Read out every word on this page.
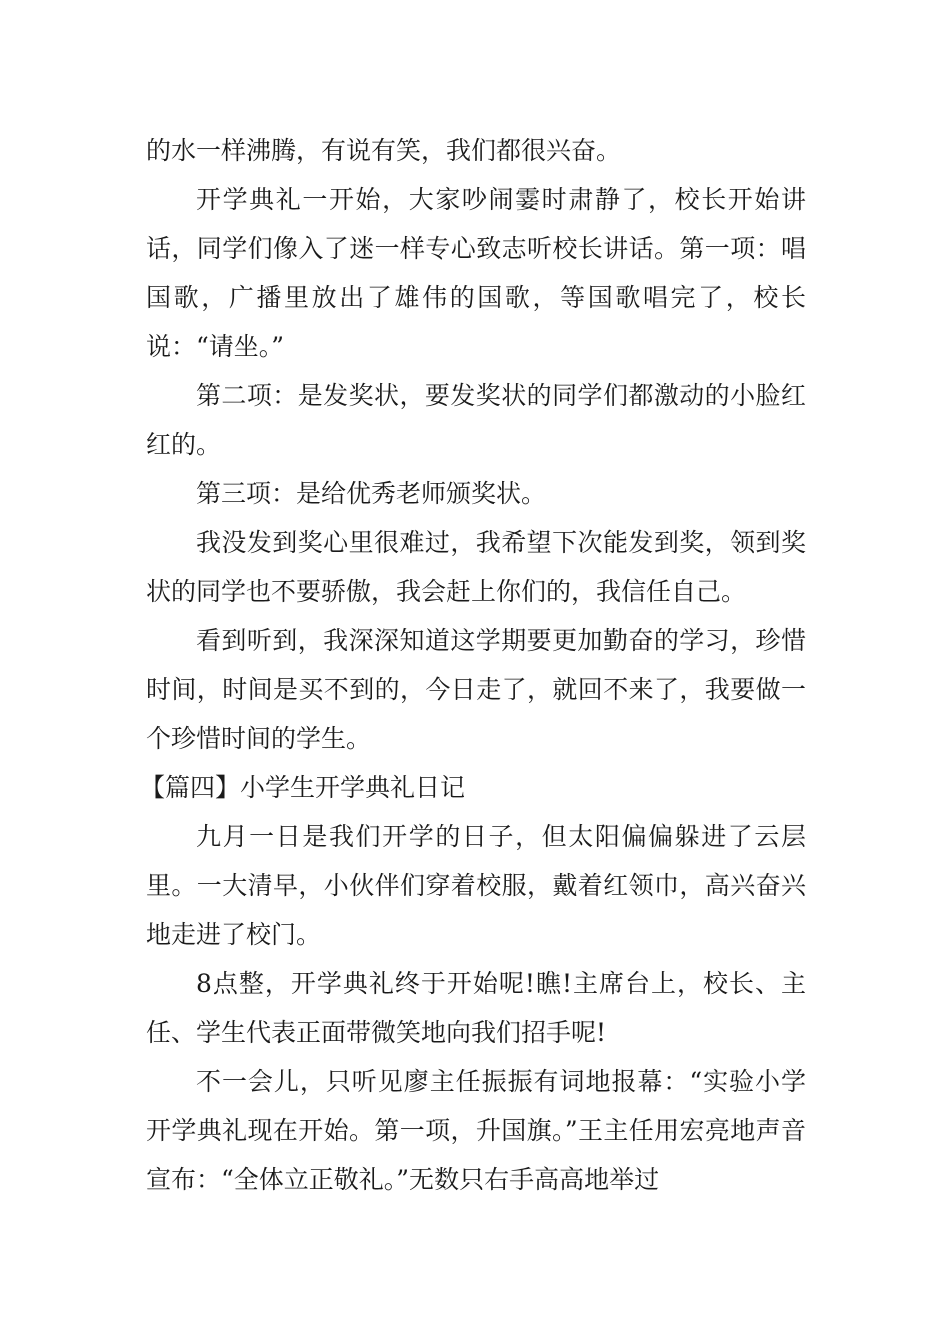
的水一样沸腾，有说有笑，我们都很兴奋。

开学典礼一开始，大家吵闹霎时肃静了，校长开始讲话，同学们像入了迷一样专心致志听校长讲话。第一项：唱国歌，广播里放出了雄伟的国歌，等国歌唱完了，校长说：“请坐。”

第二项：是发奖状，要发奖状的同学们都激动的小脸红红的。

第三项：是给优秀老师颁奖状。

我没发到奖心里很难过，我希望下次能发到奖，领到奖状的同学也不要骄傲，我会赶上你们的，我信任自己。

看到听到，我深深知道这学期要更加勤奋的学习，珍惜时间，时间是买不到的，今日走了，就回不来了，我要做一个珍惜时间的学生。

【篇四】小学生开学典礼日记

九月一日是我们开学的日子，但太阳偏偏躲进了云层里。一大清早，小伙伴们穿着校服，戴着红领巾，高兴奋兴地走进了校门。

8点整，开学典礼终于开始呢!瞧!主席台上，校长、主任、学生代表正面带微笑地向我们招手呢!

不一会儿，只听见廖主任振振有词地报幕：“实验小学开学典礼现在开始。第一项，升国旗。”王主任用宏亮地声音宣布：“全体立正敬礼。”无数只右手高高地举过
